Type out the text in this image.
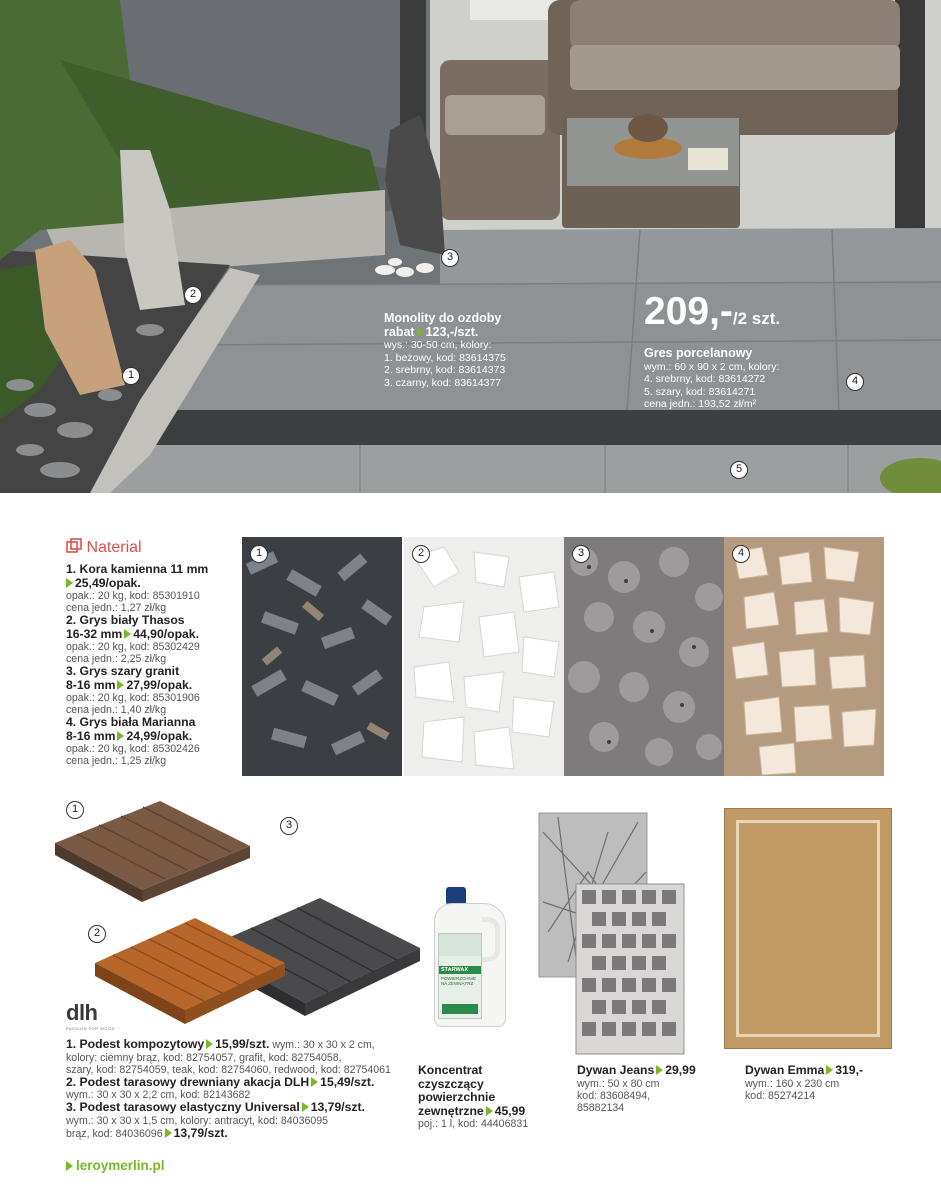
1
2
3
4
5
Monolity do ozdoby
rabat 123,-/szt.
wys.: 30-50 cm, kolory:
1. beżowy, kod: 83614375
2. srebrny, kod: 83614373
3. czarny, kod: 83614377
209,-/2 szt.
Gres porcelanowy
wym.: 60 x 90 x 2 cm, kolory:
4. srebrny, kod: 83614272
5. szary, kod: 83614271
cena jedn.: 193,52 zł/m²
Naterial
1. Kora kamienna 11 mm
25,49/opak.
opak.: 20 kg, kod: 85301910
cena jedn.: 1,27 zł/kg
2. Grys biały Thasos
16-32 mm 44,90/opak.
opak.: 20 kg, kod: 85302429
cena jedn.: 2,25 zł/kg
3. Grys szary granit
8-16 mm 27,99/opak.
opak.: 20 kg, kod: 85301906
cena jedn.: 1,40 zł/kg
4. Grys biała Marianna
8-16 mm 24,99/opak.
opak.: 20 kg, kod: 85302426
cena jedn.: 1,25 zł/kg
1	2	3	4
1
2
3
dlh
PASSION FOR WOOD
1. Podest kompozytowy 15,99/szt. wym.: 30 x 30 x 2 cm,
kolory: ciemny brąz, kod: 82754057, grafit, kod: 82754058,
szary, kod: 82754059, teak, kod: 82754060, redwood, kod: 82754061
2. Podest tarasowy drewniany akacja DLH 15,49/szt.
wym.: 30 x 30 x 2,2 cm, kod: 82143682
3. Podest tarasowy elastyczny Universal 13,79/szt.
wym.: 30 x 30 x 1,5 cm, kolory: antracyt, kod: 84036095
brąz, kod: 84036096 13,79/szt.
STARWAX
POWIERZCHNIE NA ZEWNĄTRZ
Koncentrat
czyszczący
powierzchnie
zewnętrzne 45,99
poj.: 1 l, kod: 44406831
Dywan Jeans 29,99
wym.: 50 x 80 cm
kod: 83608494,
85882134
Dywan Emma 319,-
wym.: 160 x 230 cm
kod: 85274214
leroymerlin.pl
